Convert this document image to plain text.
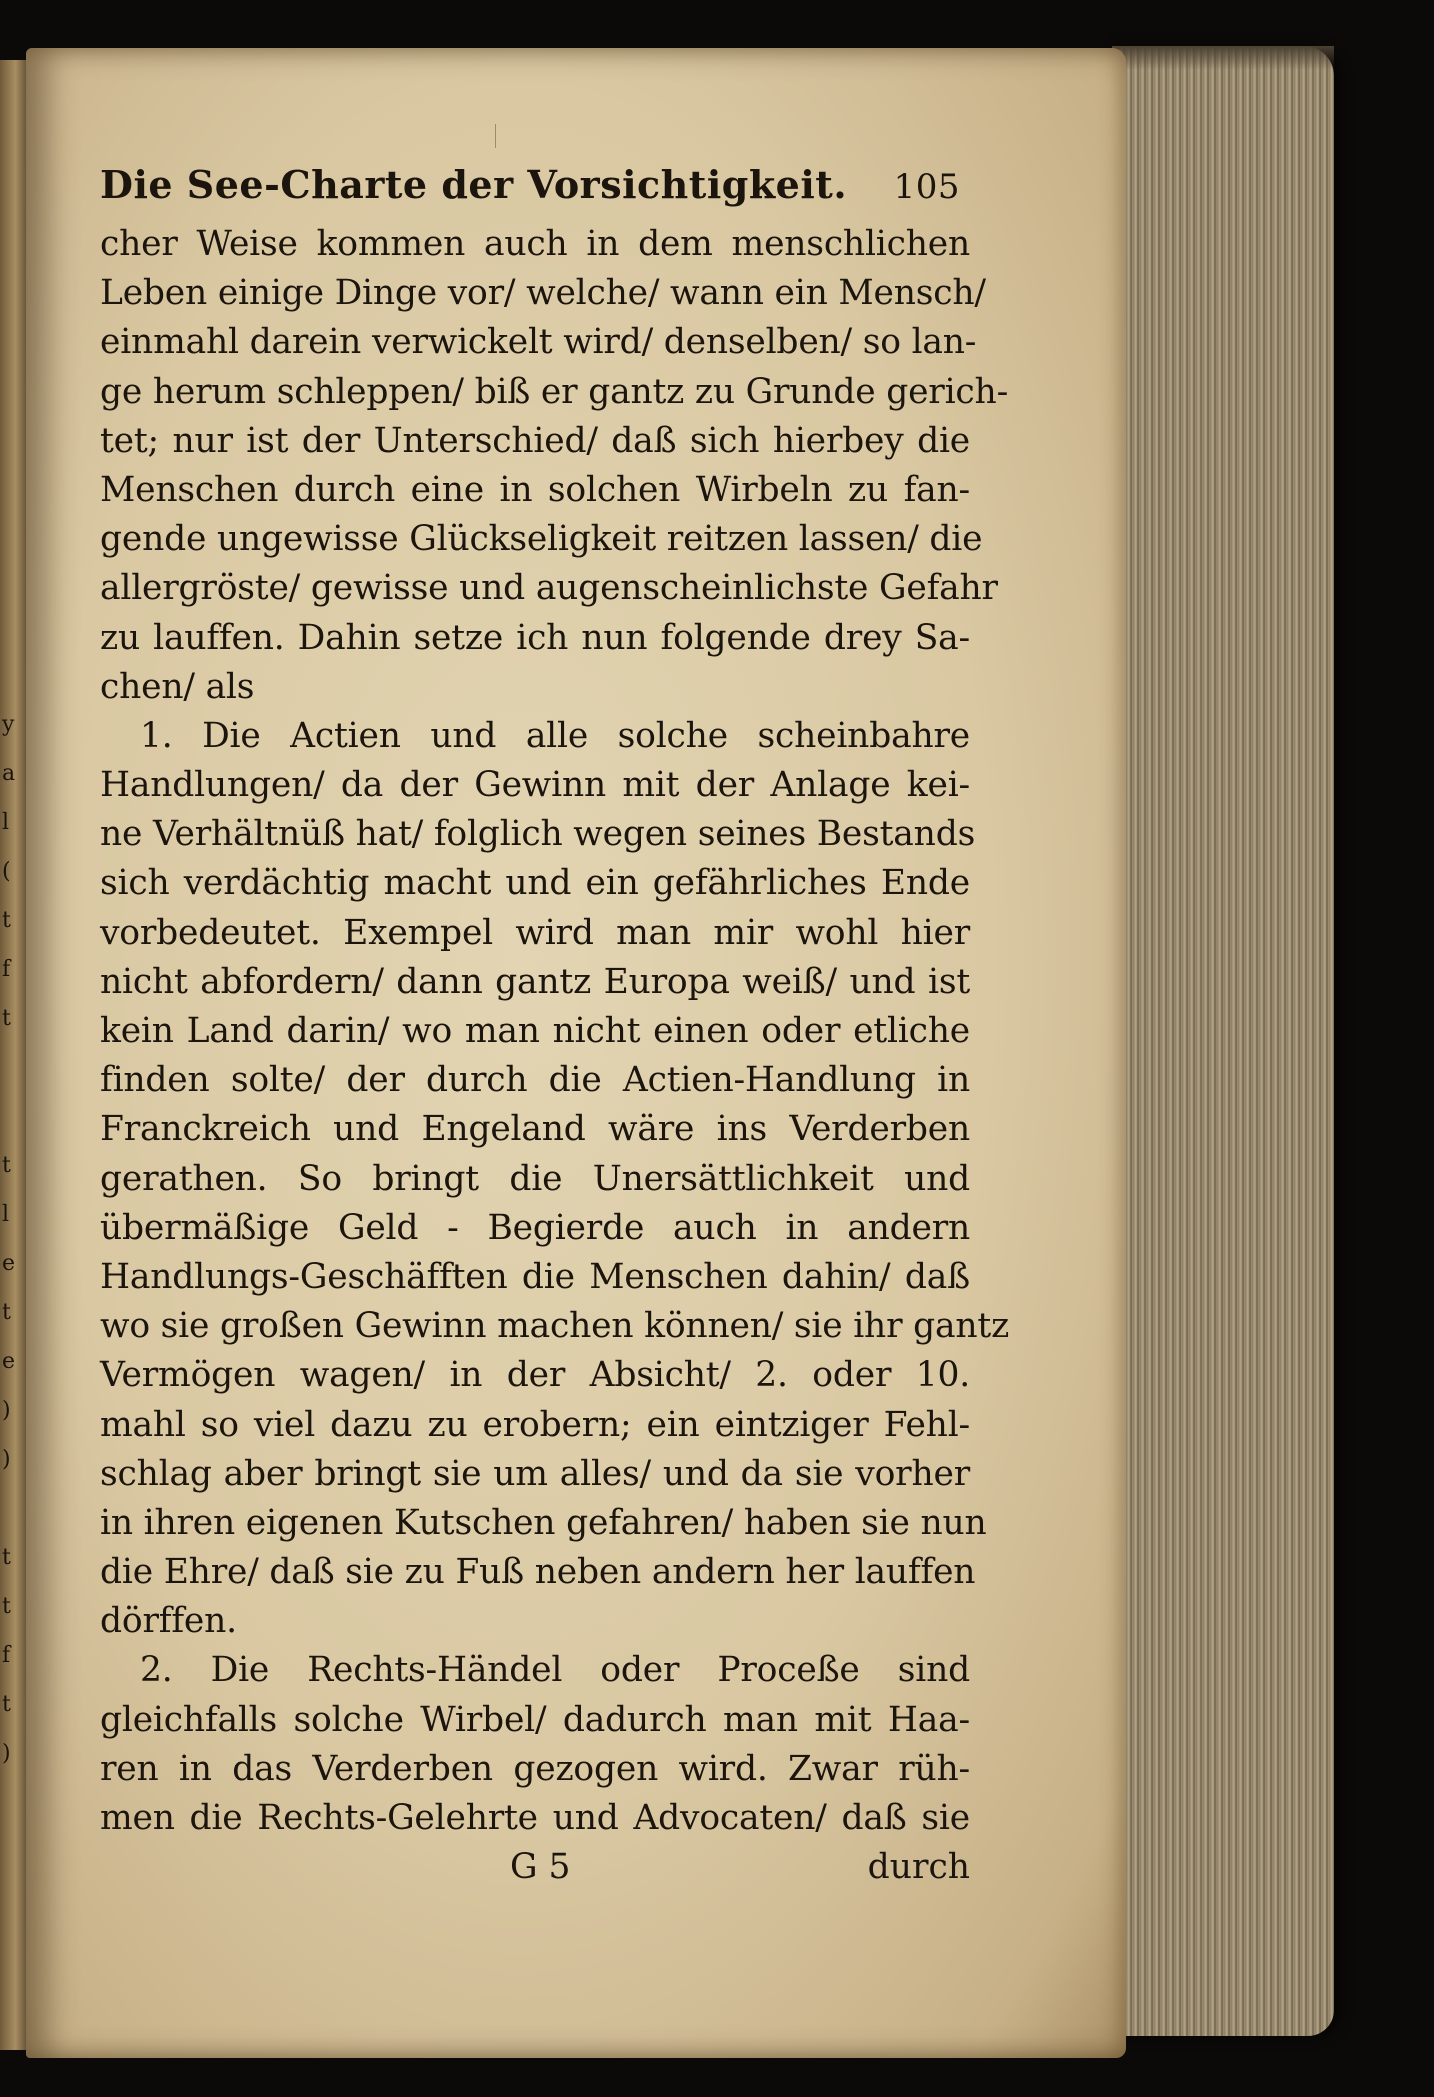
y
a
l
(
t
f
t

t
l
e
t
e
)
)

t
t
f
t
)
Die See-Charte der Vorsichtigkeit. 105
cher Weise kommen auch in dem menschlichen
Leben einige Dinge vor/ welche/ wann ein Mensch/
einmahl darein verwickelt wird/ denselben/ so lan-
ge herum schleppen/ biß er gantz zu Grunde gerich-
tet; nur ist der Unterschied/ daß sich hierbey die
Menschen durch eine in solchen Wirbeln zu fan-
gende ungewisse Glückseligkeit reitzen lassen/ die
allergröste/ gewisse und augenscheinlichste Gefahr
zu lauffen. Dahin setze ich nun folgende drey Sa-
chen/ als
1. Die Actien und alle solche scheinbahre
Handlungen/ da der Gewinn mit der Anlage kei-
ne Verhältnüß hat/ folglich wegen seines Bestands
sich verdächtig macht und ein gefährliches Ende
vorbedeutet. Exempel wird man mir wohl hier
nicht abfordern/ dann gantz Europa weiß/ und ist
kein Land darin/ wo man nicht einen oder etliche
finden solte/ der durch die Actien-Handlung in
Franckreich und Engeland wäre ins Verderben
gerathen. So bringt die Unersättlichkeit und
übermäßige Geld - Begierde auch in andern
Handlungs-Geschäfften die Menschen dahin/ daß
wo sie großen Gewinn machen können/ sie ihr gantz
Vermögen wagen/ in der Absicht/ 2. oder 10.
mahl so viel dazu zu erobern; ein eintziger Fehl-
schlag aber bringt sie um alles/ und da sie vorher
in ihren eigenen Kutschen gefahren/ haben sie nun
die Ehre/ daß sie zu Fuß neben andern her lauffen
dörffen.
2. Die Rechts-Händel oder Proceße sind
gleichfalls solche Wirbel/ dadurch man mit Haa-
ren in das Verderben gezogen wird. Zwar rüh-
men die Rechts-Gelehrte und Advocaten/ daß sie
G 5	durch
